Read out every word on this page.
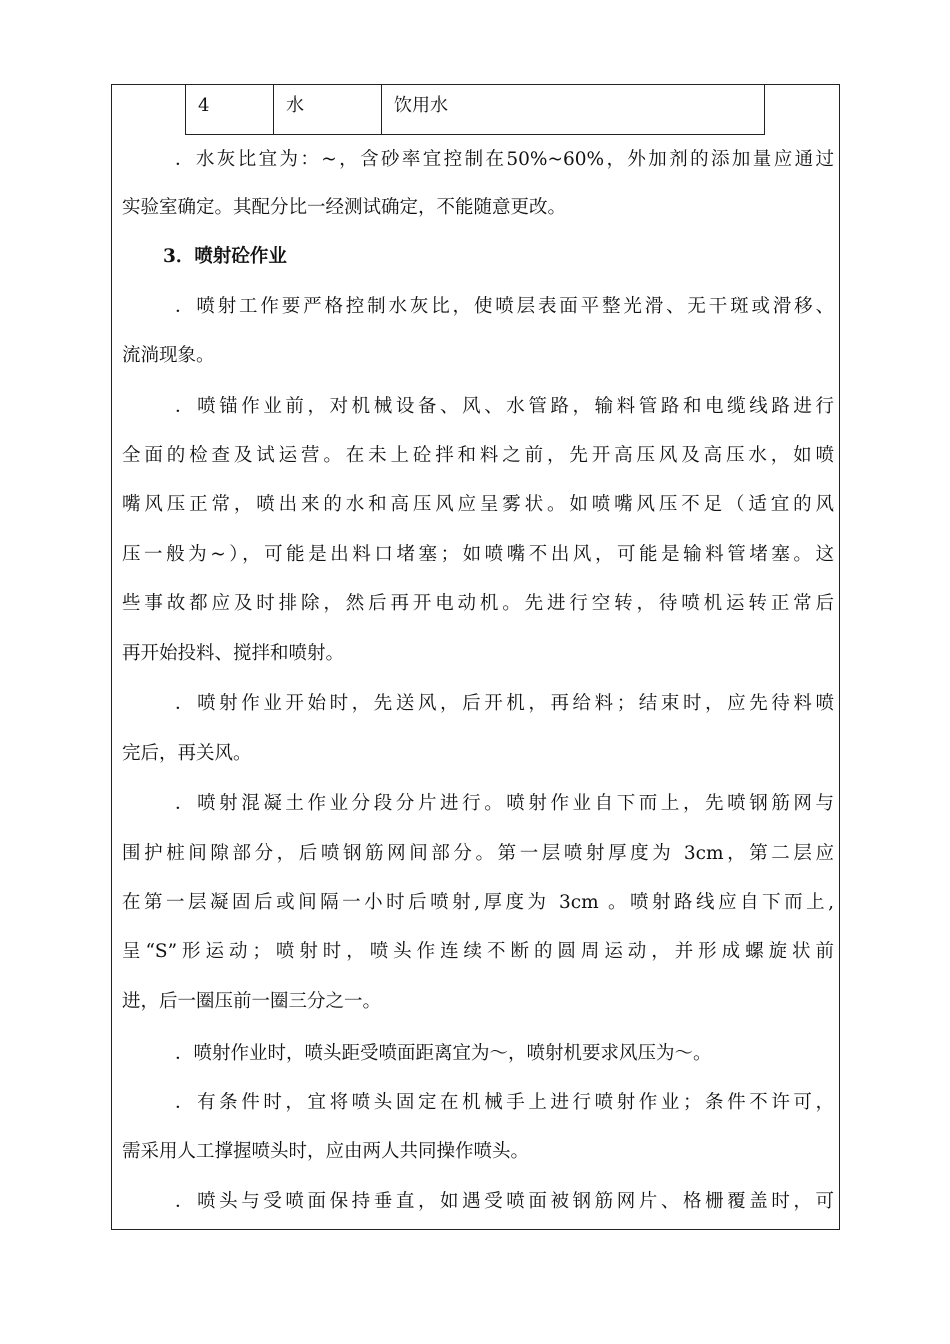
4	水	饮用水
．水灰比宜为：~，含砂率宜控制在50%~60%，外加剂的添加量应通过
实验室确定。其配分比一经测试确定，不能随意更改。
3．喷射砼作业
．喷射工作要严格控制水灰比，使喷层表面平整光滑、无干斑或滑移、
流淌现象。
．喷锚作业前，对机械设备、风、水管路，输料管路和电缆线路进行
全面的检查及试运营。在未上砼拌和料之前，先开高压风及高压水，如喷
嘴风压正常，喷出来的水和高压风应呈雾状。如喷嘴风压不足（适宜的风
压一般为~），可能是出料口堵塞；如喷嘴不出风，可能是输料管堵塞。这
些事故都应及时排除，然后再开电动机。先进行空转，待喷机运转正常后
再开始投料、搅拌和喷射。
．喷射作业开始时，先送风，后开机，再给料；结束时，应先待料喷
完后，再关风。
．喷射混凝土作业分段分片进行。喷射作业自下而上，先喷钢筋网与
围护桩间隙部分，后喷钢筋网间部分。第一层喷射厚度为 3cm，第二层应
在第一层凝固后或间隔一小时后喷射,厚度为 3cm 。喷射路线应自下而上,
呈“S”形运动；喷射时，喷头作连续不断的圆周运动，并形成螺旋状前
进，后一圈压前一圈三分之一。
．喷射作业时，喷头距受喷面距离宜为～，喷射机要求风压为～。
．有条件时，宜将喷头固定在机械手上进行喷射作业；条件不许可，
需采用人工撑握喷头时，应由两人共同操作喷头。
．喷头与受喷面保持垂直，如遇受喷面被钢筋网片、格栅覆盖时，可
